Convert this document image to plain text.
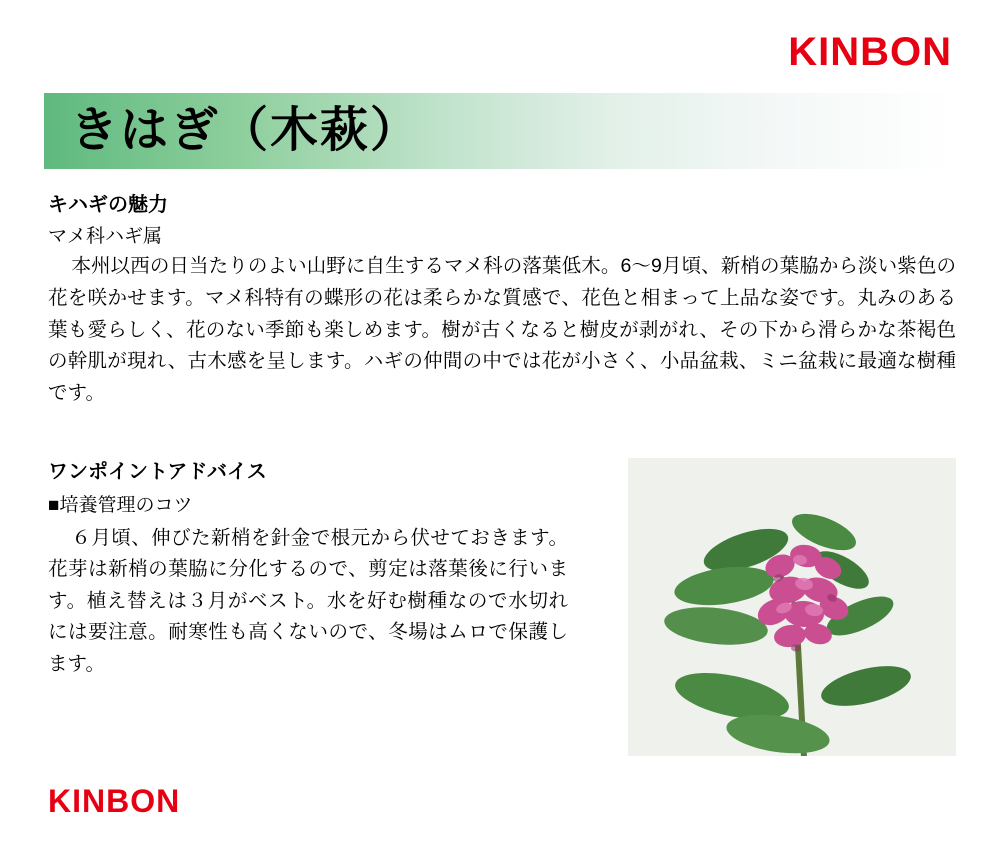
KINBON
きはぎ（木萩）

キハギの魅力

マメ科ハギ属

本州以西の日当たりのよい山野に自生するマメ科の落葉低木。6〜9月頃、新梢の葉脇から淡い紫色の花を咲かせます。マメ科特有の蝶形の花は柔らかな質感で、花色と相まって上品な姿です。丸みのある葉も愛らしく、花のない季節も楽しめます。樹が古くなると樹皮が剥がれ、その下から滑らかな茶褐色の幹肌が現れ、古木感を呈します。ハギの仲間の中では花が小さく、小品盆栽、ミニ盆栽に最適な樹種です。

ワンポイントアドバイス

■培養管理のコツ

６月頃、伸びた新梢を針金で根元から伏せておきます。花芽は新梢の葉脇に分化するので、剪定は落葉後に行います。植え替えは３月がベスト。水を好む樹種なので水切れには要注意。耐寒性も高くないので、冬場はムロで保護します。

KINBON
